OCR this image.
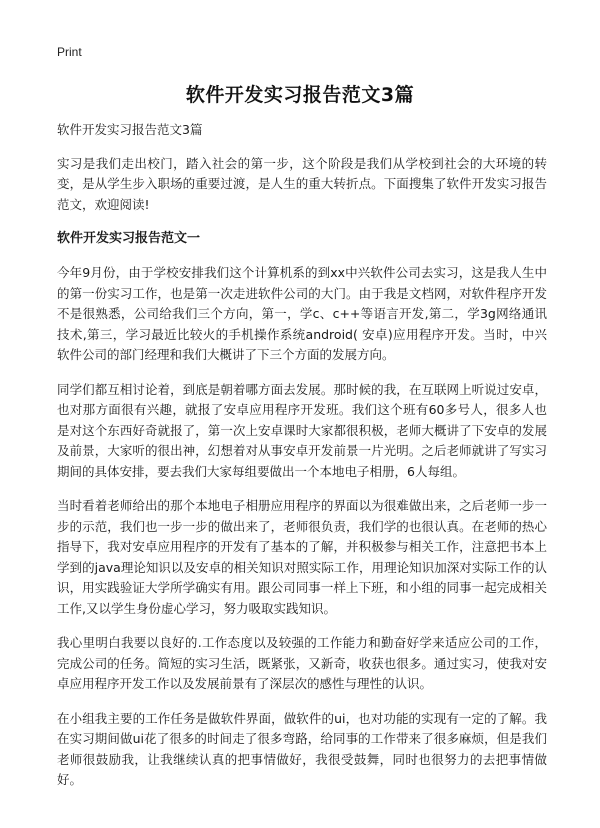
Print
软件开发实习报告范文3篇

软件开发实习报告范文3篇

实习是我们走出校门，踏入社会的第一步，这个阶段是我们从学校到社会的大环境的转变，是从学生步入职场的重要过渡，是人生的重大转折点。下面搜集了软件开发实习报告范文，欢迎阅读!

软件开发实习报告范文一

今年9月份，由于学校安排我们这个计算机系的到xx中兴软件公司去实习，这是我人生中的第一份实习工作，也是第一次走进软件公司的大门。由于我是文档网，对软件程序开发不是很熟悉，公司给我们三个方向，第一，学c、c++等语言开发,第二，学3g网络通讯技术,第三，学习最近比较火的手机操作系统android( 安卓)应用程序开发。当时，中兴软件公司的部门经理和我们大概讲了下三个方面的发展方向。

同学们都互相讨论着，到底是朝着哪方面去发展。那时候的我，在互联网上听说过安卓，也对那方面很有兴趣，就报了安卓应用程序开发班。我们这个班有60多号人，很多人也是对这个东西好奇就报了，第一次上安卓课时大家都很积极，老师大概讲了下安卓的发展及前景，大家听的很出神，幻想着对从事安卓开发前景一片光明。之后老师就讲了写实习期间的具体安排，要去我们大家每组要做出一个本地电子相册，6人每组。

当时看着老师给出的那个本地电子相册应用程序的界面以为很难做出来，之后老师一步一步的示范，我们也一步一步的做出来了，老师很负责，我们学的也很认真。在老师的热心指导下，我对安卓应用程序的开发有了基本的了解，并积极参与相关工作，注意把书本上学到的java理论知识以及安卓的相关知识对照实际工作，用理论知识加深对实际工作的认识，用实践验证大学所学确实有用。跟公司同事一样上下班，和小组的同事一起完成相关工作,又以学生身份虚心学习，努力吸取实践知识。

我心里明白我要以良好的.工作态度以及较强的工作能力和勤奋好学来适应公司的工作，完成公司的任务。简短的实习生活，既紧张，又新奇，收获也很多。通过实习，使我对安卓应用程序开发工作以及发展前景有了深层次的感性与理性的认识。

在小组我主要的工作任务是做软件界面，做软件的ui，也对功能的实现有一定的了解。我在实习期间做ui花了很多的时间走了很多弯路，给同事的工作带来了很多麻烦，但是我们老师很鼓励我，让我继续认真的把事情做好，我很受鼓舞，同时也很努力的去把事情做好。
